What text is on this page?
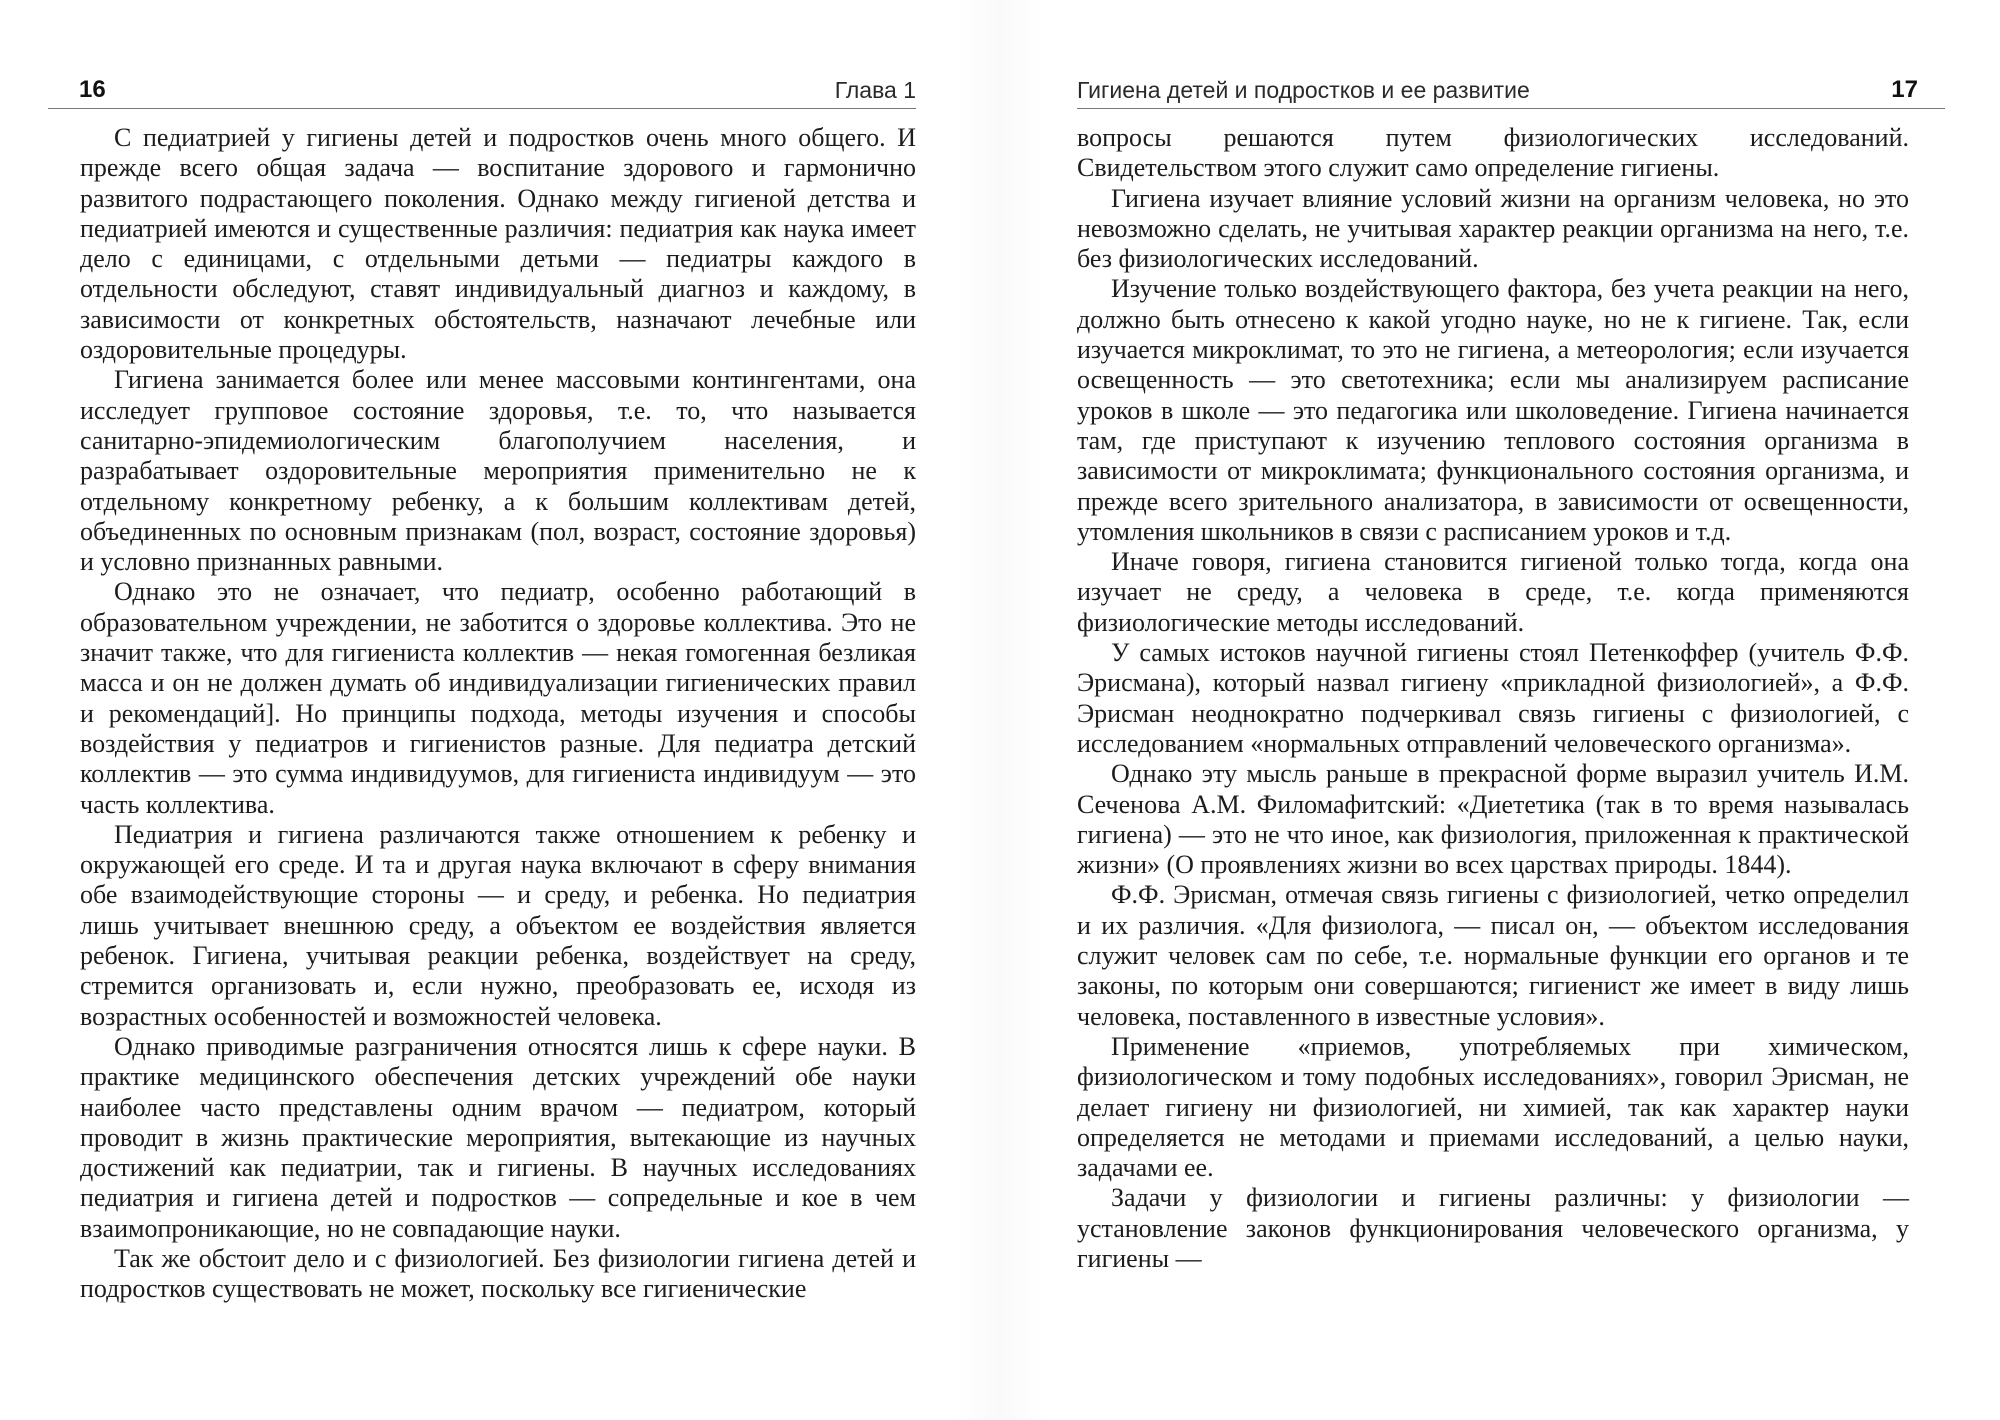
16	Глава 1

С педиатрией у гигиены детей и подростков очень много общего. И прежде всего общая задача — воспитание здорового и гармонично развитого подрастающего поколения. Однако между гигиеной детства и педиатрией имеются и существенные различия: педиатрия как наука имеет дело с единицами, с отдельными детьми — педиатры каждого в отдельности обследуют, ставят индивидуальный диагноз и каждому, в зависимости от конкретных обстоятельств, назначают лечебные или оздоровительные процедуры.

Гигиена занимается более или менее массовыми контингентами, она исследует групповое состояние здоровья, т.е. то, что называется санитарно-эпидемиологическим благополучием населения, и разрабатывает оздоровительные мероприятия применительно не к отдельному конкретному ребенку, а к большим коллективам детей, объединенных по основным признакам (пол, возраст, состояние здоровья) и условно признанных равными.

Однако это не означает, что педиатр, особенно работающий в образовательном учреждении, не заботится о здоровье коллектива. Это не значит также, что для гигиениста коллектив — некая гомогенная безликая масса и он не должен думать об индивидуализации гигиенических правил и рекомендаций]. Но принципы подхода, методы изучения и способы воздействия у педиатров и гигиенистов разные. Для педиатра детский коллектив — это сумма индивидуумов, для гигиениста индивидуум — это часть коллектива.

Педиатрия и гигиена различаются также отношением к ребенку и окружающей его среде. И та и другая наука включают в сферу внимания обе взаимодействующие стороны — и среду, и ребенка. Но педиатрия лишь учитывает внешнюю среду, а объектом ее воздействия является ребенок. Гигиена, учитывая реакции ребенка, воздействует на среду, стремится организовать и, если нужно, преобразовать ее, исходя из возрастных особенностей и возможностей человека.

Однако приводимые разграничения относятся лишь к сфере науки. В практике медицинского обеспечения детских учреждений обе науки наиболее часто представлены одним врачом — педиатром, который проводит в жизнь практические мероприятия, вытекающие из научных достижений как педиатрии, так и гигиены. В научных исследованиях педиатрия и гигиена детей и подростков — сопредельные и кое в чем взаимопроникающие, но не совпадающие науки.

Так же обстоит дело и с физиологией. Без физиологии гигиена детей и подростков существовать не может, поскольку все гигиенические

Гигиена детей и подростков и ее развитие	17

вопросы решаются путем физиологических исследований. Свидетельством этого служит само определение гигиены.

Гигиена изучает влияние условий жизни на организм человека, но это невозможно сделать, не учитывая характер реакции организма на него, т.е. без физиологических исследований.

Изучение только воздействующего фактора, без учета реакции на него, должно быть отнесено к какой угодно науке, но не к гигиене. Так, если изучается микроклимат, то это не гигиена, а метеорология; если изучается освещенность — это светотехника; если мы анализируем расписание уроков в школе — это педагогика или школоведение. Гигиена начинается там, где приступают к изучению теплового состояния организма в зависимости от микроклимата; функционального состояния организма, и прежде всего зрительного анализатора, в зависимости от освещенности, утомления школьников в связи с расписанием уроков и т.д.

Иначе говоря, гигиена становится гигиеной только тогда, когда она изучает не среду, а человека в среде, т.е. когда применяются физиологические методы исследований.

У самых истоков научной гигиены стоял Петенкоффер (учитель Ф.Ф. Эрисмана), который назвал гигиену «прикладной физиологией», а Ф.Ф. Эрисман неоднократно подчеркивал связь гигиены с физиологией, с исследованием «нормальных отправлений человеческого организма».

Однако эту мысль раньше в прекрасной форме выразил учитель И.М. Сеченова А.М. Филомафитский: «Диететика (так в то время называлась гигиена) — это не что иное, как физиология, приложенная к практической жизни» (О проявлениях жизни во всех царствах природы. 1844).

Ф.Ф. Эрисман, отмечая связь гигиены с физиологией, четко определил и их различия. «Для физиолога, — писал он, — объектом исследования служит человек сам по себе, т.е. нормальные функции его органов и те законы, по которым они совершаются; гигиенист же имеет в виду лишь человека, поставленного в известные условия».

Применение «приемов, употребляемых при химическом, физиологическом и тому подобных исследованиях», говорил Эрисман, не делает гигиену ни физиологией, ни химией, так как характер науки определяется не методами и приемами исследований, а целью науки, задачами ее.

Задачи у физиологии и гигиены различны: у физиологии — установление законов функционирования человеческого организма, у гигиены —
